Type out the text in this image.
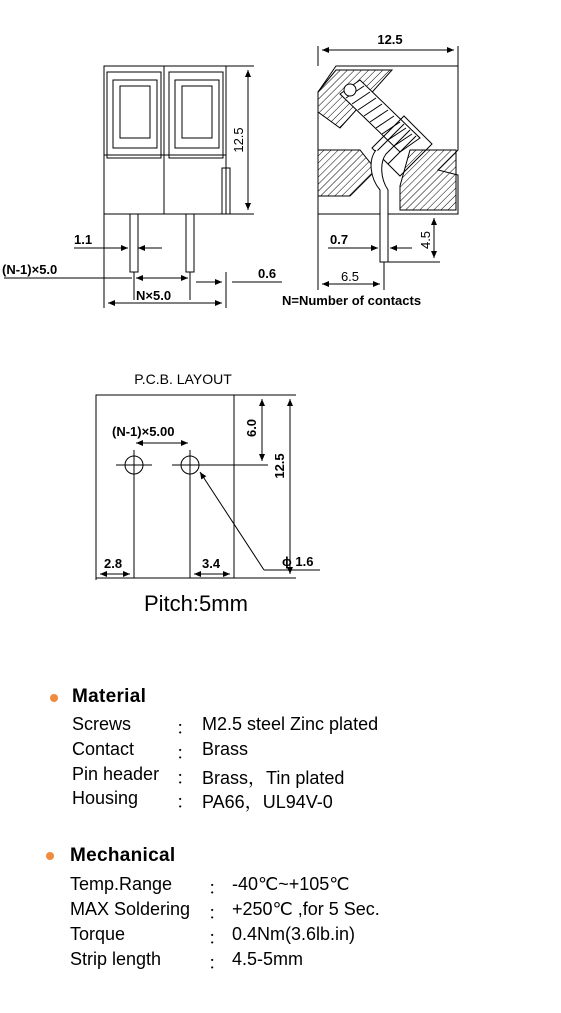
12.5
1.1
(N-1)×5.0
N×5.0
0.6
12.5
0.7	4.5
6.5
N=Number of contacts
P.C.B. LAYOUT
(N-1)×5.00	6.0
12.5
2.8	3.4	ϕ 1.6
Pitch:5mm
Material
Screws ： M2.5 steel Zinc plated
Contact ： Brass
Pin header ： Brass，Tin plated
Housing ： PA66，UL94V-0
Mechanical
Temp.Range ： -40℃~+105℃
MAX Soldering ： +250℃ ,for 5 Sec.
Torque	： 0.4Nm(3.6lb.in)
Strip length	： 4.5-5mm
